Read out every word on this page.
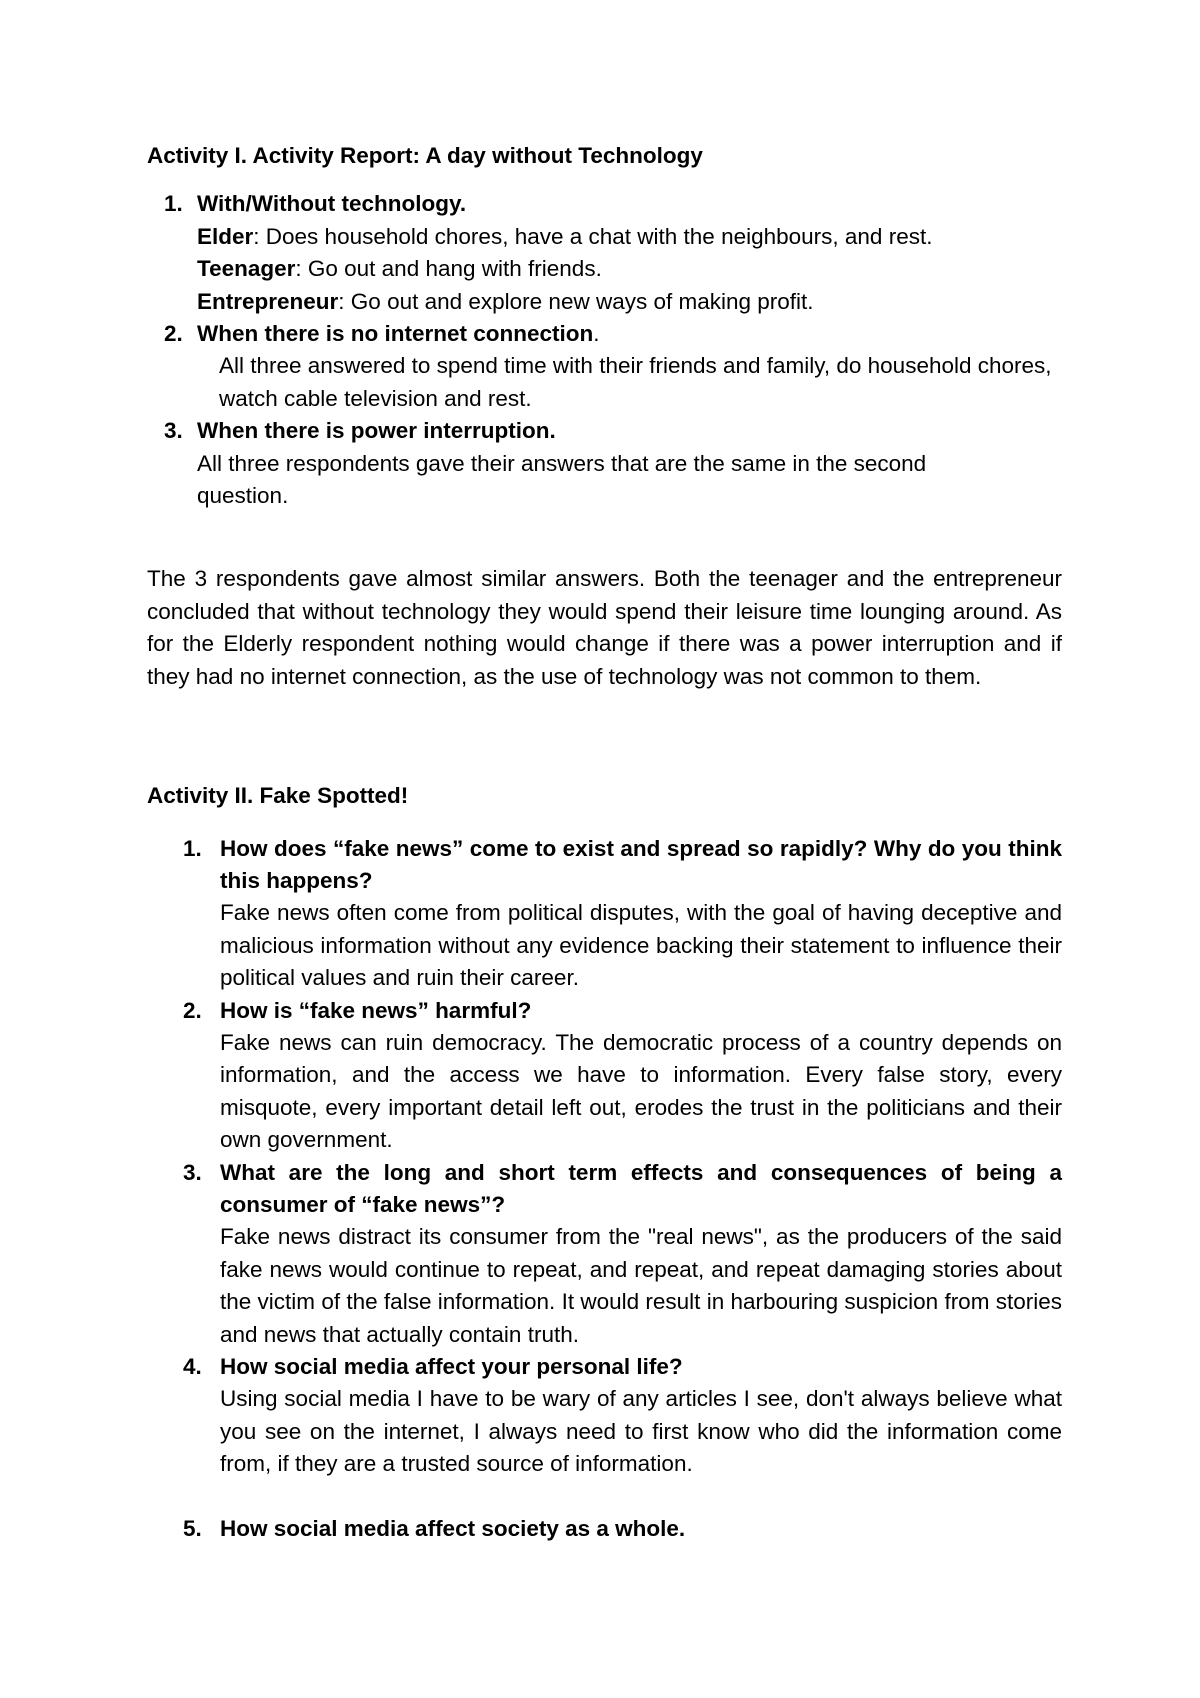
Activity I. Activity Report: A day without Technology

1. With/Without technology.
Elder: Does household chores, have a chat with the neighbours, and rest.
Teenager: Go out and hang with friends.
Entrepreneur: Go out and explore new ways of making profit.
2. When there is no internet connection.
All three answered to spend time with their friends and family, do household chores, watch cable television and rest.
3. When there is power interruption.
All three respondents gave their answers that are the same in the second question.

The 3 respondents gave almost similar answers. Both the teenager and the entrepreneur concluded that without technology they would spend their leisure time lounging around. As for the Elderly respondent nothing would change if there was a power interruption and if they had no internet connection, as the use of technology was not common to them.

Activity II. Fake Spotted!

1. How does “fake news” come to exist and spread so rapidly? Why do you think this happens?
Fake news often come from political disputes, with the goal of having deceptive and malicious information without any evidence backing their statement to influence their political values and ruin their career.
2. How is “fake news” harmful?
Fake news can ruin democracy. The democratic process of a country depends on information, and the access we have to information. Every false story, every misquote, every important detail left out, erodes the trust in the politicians and their own government.
3. What are the long and short term effects and consequences of being a consumer of “fake news”?
Fake news distract its consumer from the "real news", as the producers of the said fake news would continue to repeat, and repeat, and repeat damaging stories about the victim of the false information. It would result in harbouring suspicion from stories and news that actually contain truth.
4. How social media affect your personal life?
Using social media I have to be wary of any articles I see, don't always believe what you see on the internet, I always need to first know who did the information come from, if they are a trusted source of information.
5. How social media affect society as a whole.
